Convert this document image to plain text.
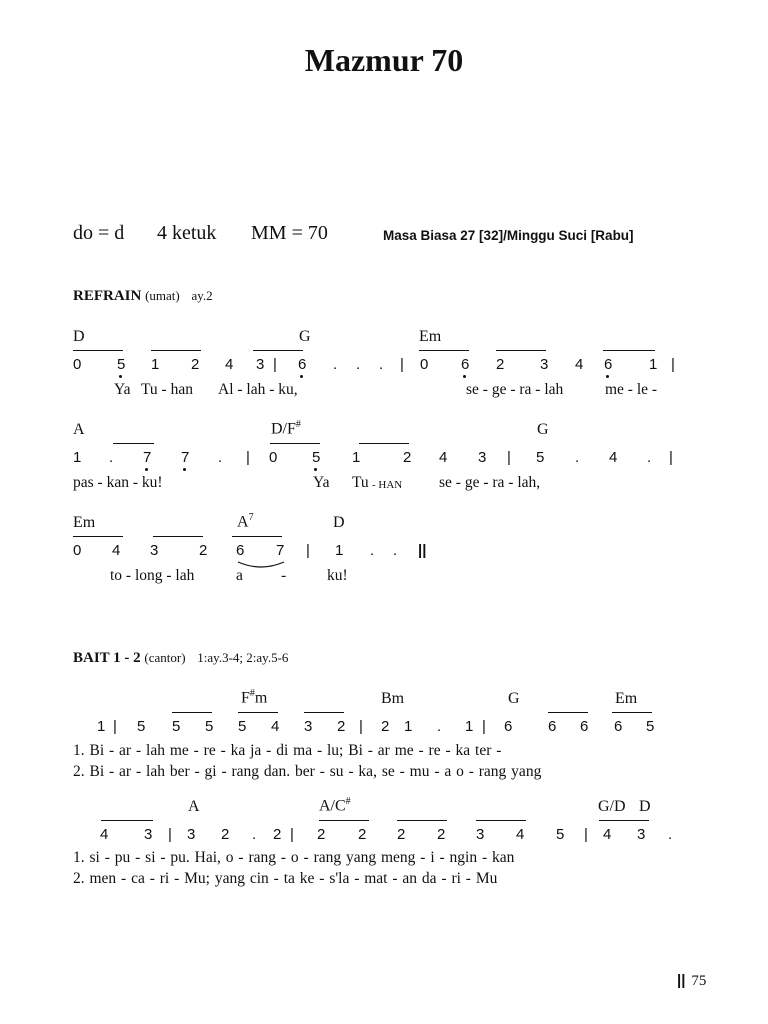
Mazmur 70
do = d 4 ketuk MM = 70	Masa Biasa 27 [32]/Minggu Suci [Rabu]
REFRAIN (umat) ay.2
D	G	Em
0 5 1 2 4 3 | 6 . . . | 0 6 2 3 4 6 1 |
Ya Tu - han Al - lah - ku,	se - ge - ra - lah	me - le -
A	D/F#	G
1 . 7 7 . | 0 5 1	2 4 3 | 5 . 4 . |
pas - kan - ku!	Ya Tu - HAN se - ge - ra - lah,
Em	$A^7$	D
0 4 3	2 6 7 | 1 . . ||
to - long - lah	a -	ku!
BAIT 1 - 2 (cantor) 1:ay.3-4; 2:ay.5-6
F#m	Bm	G	Em
1 | 5 5 5 5 4 3 2 | 2 1 . 1 | 6 6 6 6 5
1. Bi - ar - lah me - re - ka ja - di ma - lu; Bi - ar me - re - ka ter -
2. Bi - ar - lah ber - gi - rang dan. ber - su - ka, se - mu - a o - rang yang
A	A/C#	G/D D
4 3 | 3 2 . 2 | 2 2 2 2 3 4 5 | 4 3 .
1. si - pu - si - pu. Hai, o - rang - o - rang yang meng - i - ngin - kan
2. men - ca - ri - Mu; yang cin - ta ke - s'la - mat - an da - ri - Mu
|| 75
